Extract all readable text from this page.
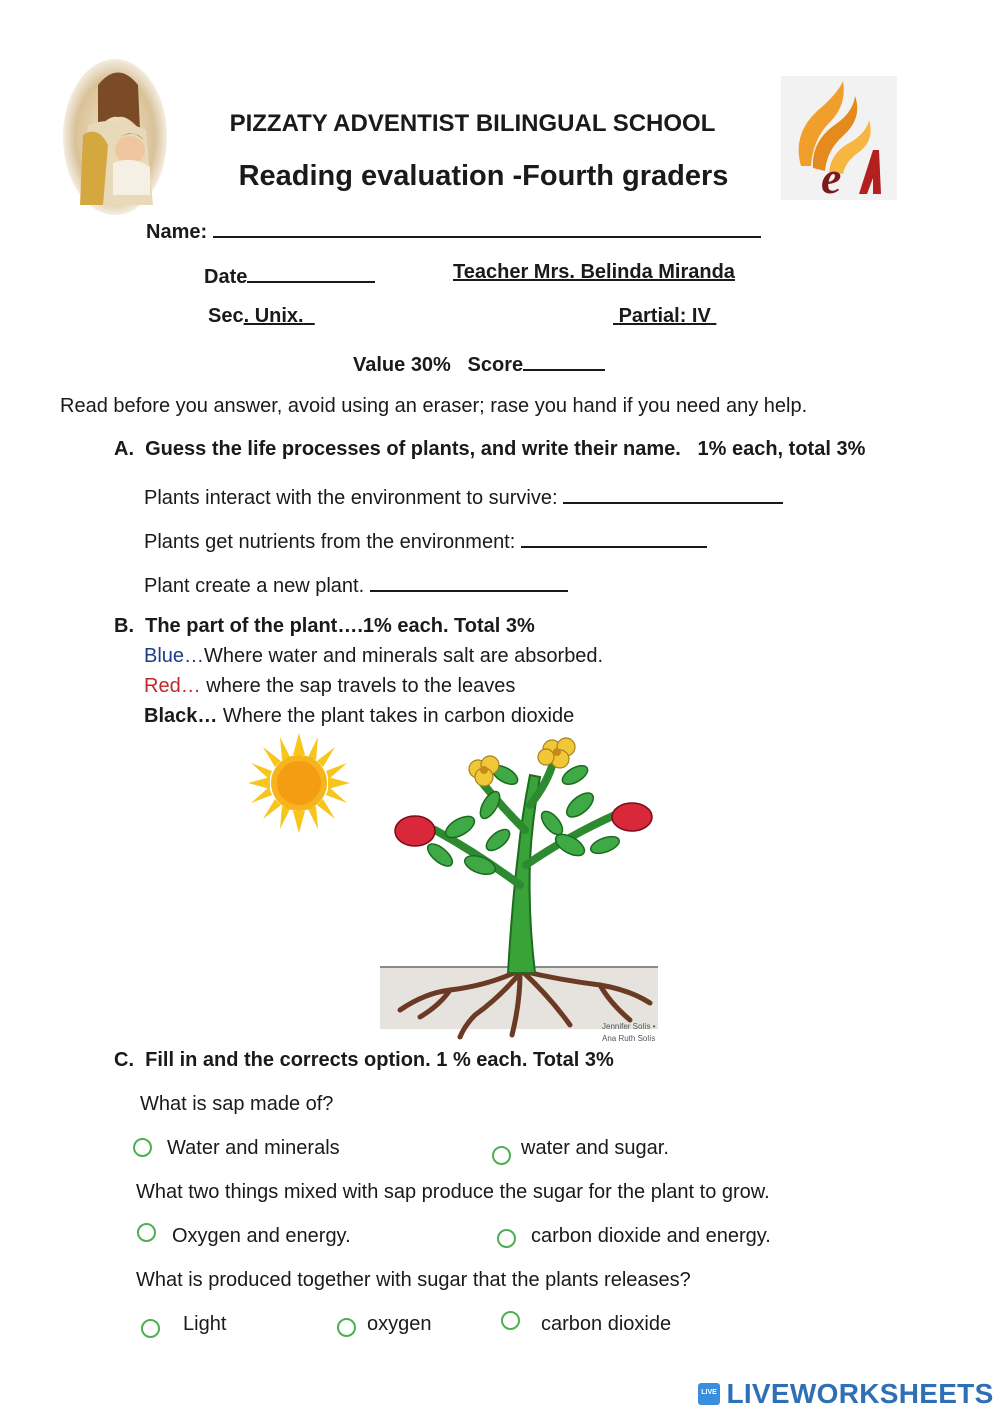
e
PIZZATY ADVENTIST BILINGUAL SCHOOL
Reading evaluation -Fourth graders
Name:
Date	Teacher Mrs. Belinda Miranda
Sec. Unix.	Partial: IV
Value 30% Score
Read before you answer, avoid using an eraser; rase you hand if you need any help.
A. Guess the life processes of plants, and write their name.   1% each, total 3%
Plants interact with the environment to survive:
Plants get nutrients from the environment:
Plant create a new plant.
B. The part of the plant….1% each. Total 3%
Blue…Where water and minerals salt are absorbed.
Red… where the sap travels to the leaves
Black… Where the plant takes in carbon dioxide
Jennifer Solís •
Ana Ruth Solís
C. Fill in and the corrects option. 1 % each. Total 3%
What is sap made of?
Water and minerals	water and sugar.
What two things mixed with sap produce the sugar for the plant to grow.
Oxygen and energy.	carbon dioxide and energy.
What is produced together with sugar that the plants releases?
Light	oxygen	carbon dioxide
LIVE LIVEWORKSHEETS
